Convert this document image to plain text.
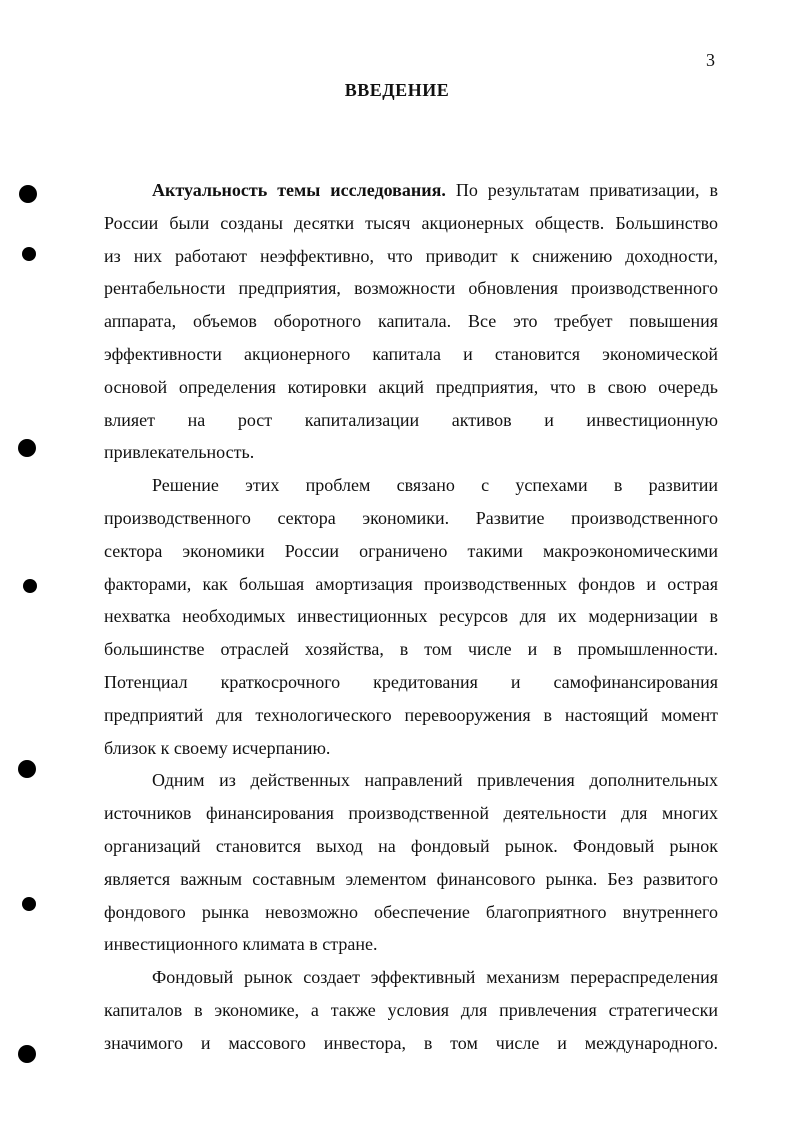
3
ВВЕДЕНИЕ
Актуальность темы исследования. По результатам приватизации, в
России были созданы десятки тысяч акционерных обществ. Большинство
из них работают неэффективно, что приводит к снижению доходности,
рентабельности предприятия, возможности обновления производственного
аппарата, объемов оборотного капитала. Все это требует повышения
эффективности акционерного капитала и становится экономической
основой определения котировки акций предприятия, что в свою очередь
влияет на рост капитализации активов и инвестиционную
привлекательность.
Решение этих проблем связано с успехами в развитии
производственного сектора экономики. Развитие производственного
сектора экономики России ограничено такими макроэкономическими
факторами, как большая амортизация производственных фондов и острая
нехватка необходимых инвестиционных ресурсов для их модернизации в
большинстве отраслей хозяйства, в том числе и в промышленности.
Потенциал краткосрочного кредитования и самофинансирования
предприятий для технологического перевооружения в настоящий момент
близок к своему исчерпанию.
Одним из действенных направлений привлечения дополнительных
источников финансирования производственной деятельности для многих
организаций становится выход на фондовый рынок. Фондовый рынок
является важным составным элементом финансового рынка. Без развитого
фондового рынка невозможно обеспечение благоприятного внутреннего
инвестиционного климата в стране.
Фондовый рынок создает эффективный механизм перераспределения
капиталов в экономике, а также условия для привлечения стратегически
значимого и массового инвестора, в том числе и международного.
